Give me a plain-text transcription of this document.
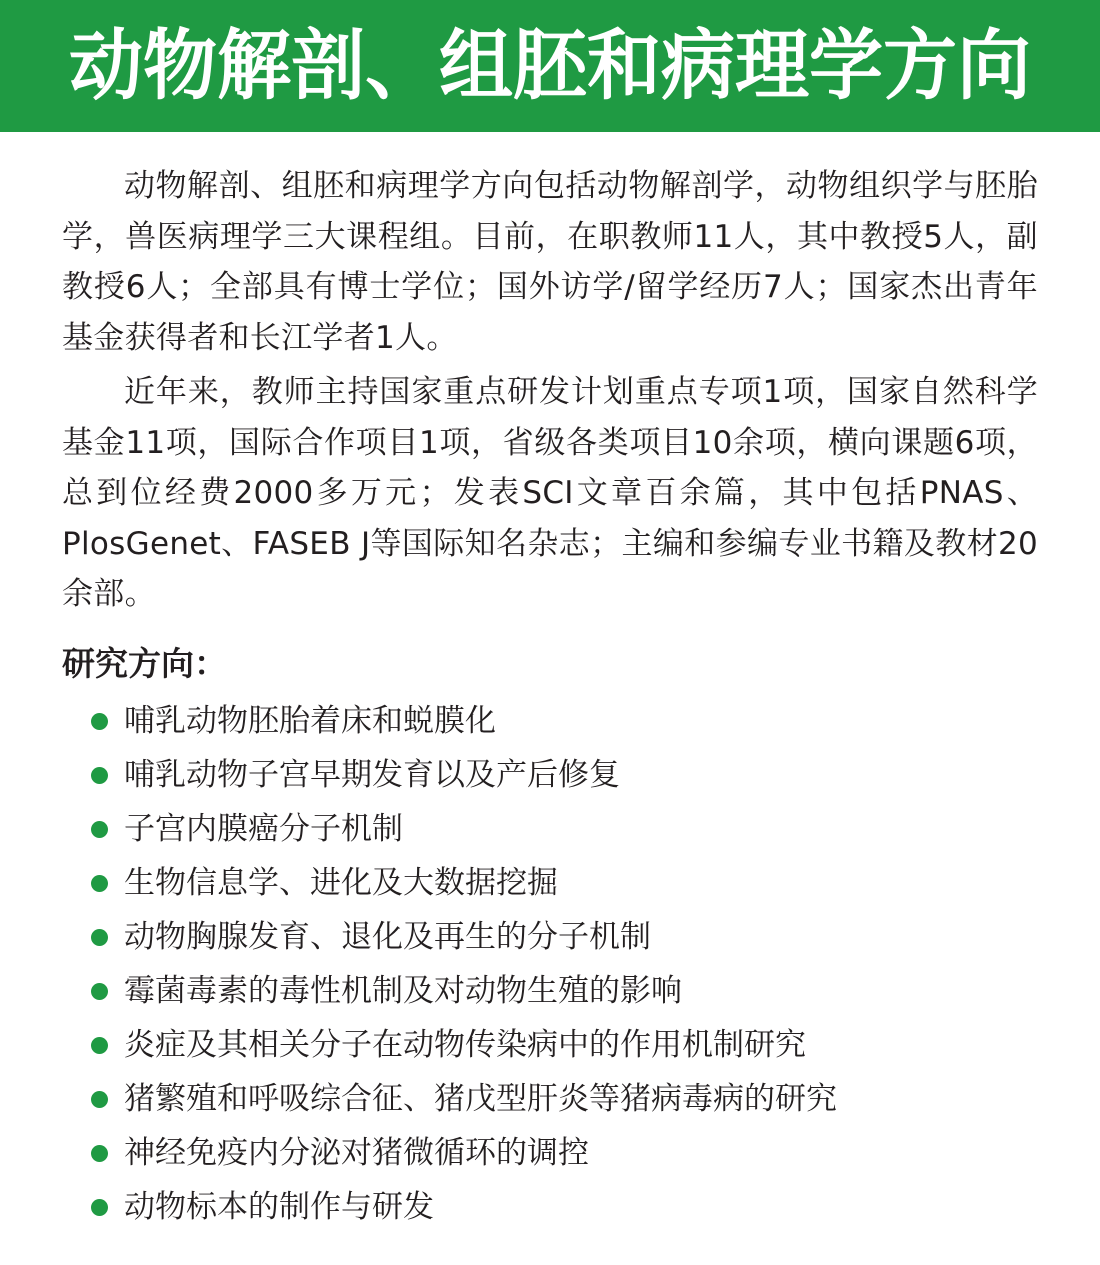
动物解剖、组胚和病理学方向

动物解剖、组胚和病理学方向包括动物解剖学，动物组织学与胚胎学，兽医病理学三大课程组。目前，在职教师11人，其中教授5人，副教授6人；全部具有博士学位；国外访学/留学经历7人；国家杰出青年基金获得者和长江学者1人。

近年来，教师主持国家重点研发计划重点专项1项，国家自然科学基金11项，国际合作项目1项，省级各类项目10余项，横向课题6项，总到位经费2000多万元；发表SCI文章百余篇，其中包括PNAS、PlosGenet、FASEB J等国际知名杂志；主编和参编专业书籍及教材20余部。

研究方向：
哺乳动物胚胎着床和蜕膜化
哺乳动物子宫早期发育以及产后修复
子宫内膜癌分子机制
生物信息学、进化及大数据挖掘
动物胸腺发育、退化及再生的分子机制
霉菌毒素的毒性机制及对动物生殖的影响
炎症及其相关分子在动物传染病中的作用机制研究
猪繁殖和呼吸综合征、猪戊型肝炎等猪病毒病的研究
神经免疫内分泌对猪微循环的调控
动物标本的制作与研发
